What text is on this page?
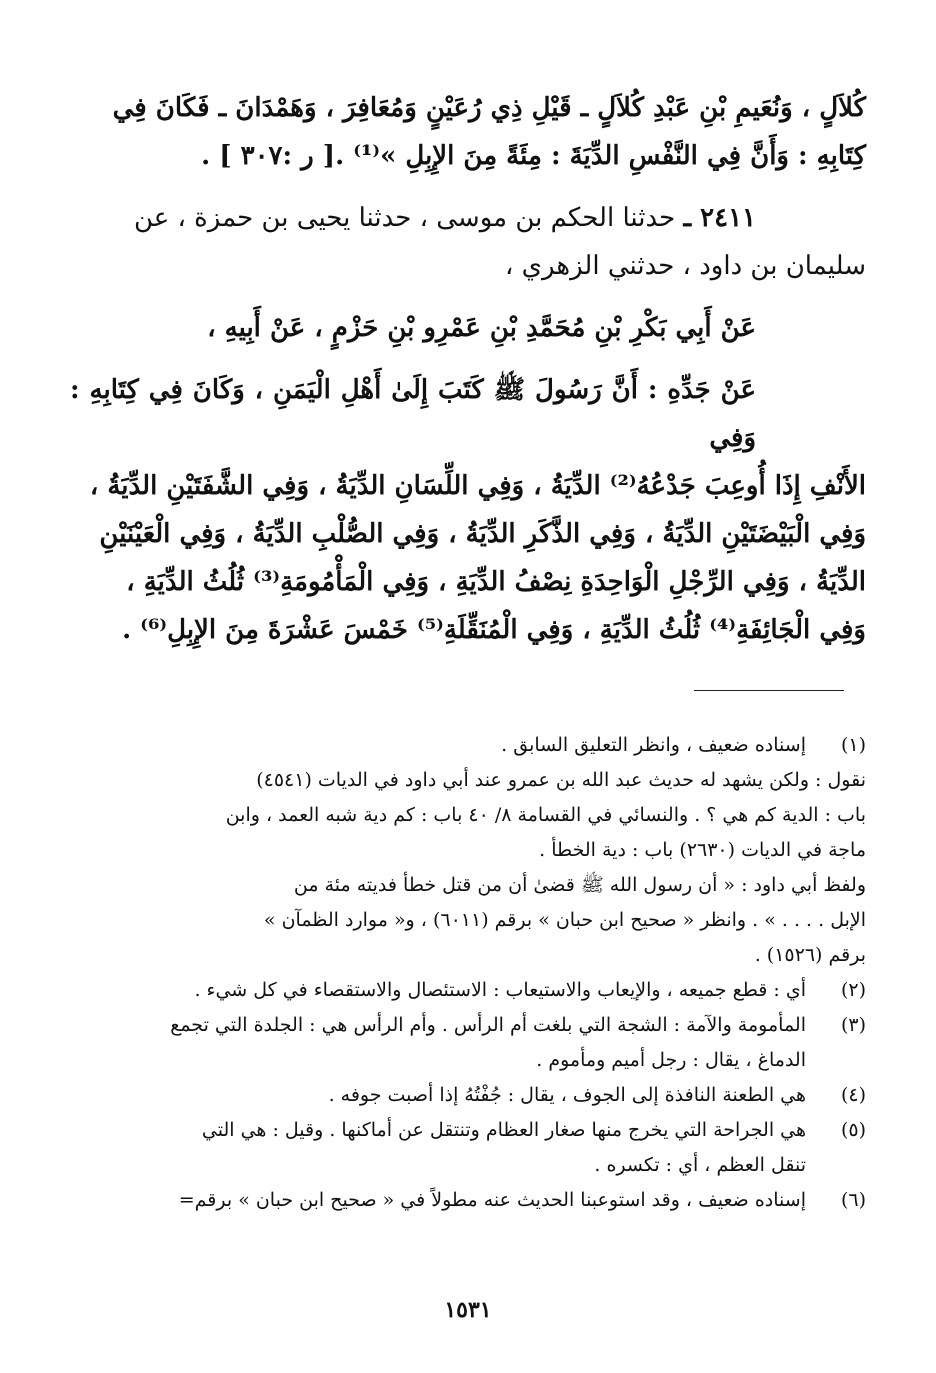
كُلاَلٍ ، وَنُعَيمِ بْنِ عَبْدِ كُلاَلٍ ـ قَيْلِ ذِي رُعَيْنٍ وَمُعَافِرَ ، وَهَمْدَانَ ـ فَكَانَ فِي

كِتَابِهِ : وَأَنَّ فِي النَّفْسِ الدِّيَةَ : مِئَةً مِنَ الإِبِلِ »⁽¹⁾ .[ ر :٣٠٧ ] .

٢٤١١ ـ حدثنا الحكم بن موسى ، حدثنا يحيى بن حمزة ، عن

سليمان بن داود ، حدثني الزهري ،

عَنْ أَبِي بَكْرِ بْنِ مُحَمَّدِ بْنِ عَمْرِو بْنِ حَزْمٍ ، عَنْ أَبِيهِ ،

عَنْ جَدِّهِ : أَنَّ رَسُولَ ﷺ كَتَبَ إِلَىٰ أَهْلِ الْيَمَنِ ، وَكَانَ فِي كِتَابِهِ : وَفِي

الأَنْفِ إِذَا أُوعِبَ جَدْعُهُ⁽²⁾ الدِّيَةُ ، وَفِي اللِّسَانِ الدِّيَةُ ، وَفِي الشَّفَتَيْنِ الدِّيَةُ ،

وَفِي الْبَيْضَتَيْنِ الدِّيَةُ ، وَفِي الذَّكَرِ الدِّيَةُ ، وَفِي الصُّلْبِ الدِّيَةُ ، وَفِي الْعَيْنَيْنِ

الدِّيَةُ ، وَفِي الرِّجْلِ الْوَاحِدَةِ نِصْفُ الدِّيَةِ ، وَفِي الْمَأْمُومَةِ⁽³⁾ ثُلُثُ الدِّيَةِ ،

وَفِي الْجَائِفَةِ⁽⁴⁾ ثُلُثُ الدِّيَةِ ، وَفِي الْمُنَقِّلَةِ⁽⁵⁾ خَمْسَ عَشْرَةَ مِنَ الإِبِلِ⁽⁶⁾ .

(١)

إسناده ضعيف ، وانظر التعليق السابق .

نقول : ولكن يشهد له حديث عبد الله بن عمرو عند أبي داود في الديات (٤٥٤١)

باب : الدية كم هي ؟ . والنسائي في القسامة ٨/ ٤٠ باب : كم دية شبه العمد ، وابن

ماجة في الديات (٢٦٣٠) باب : دية الخطأ .

ولفظ أبي داود : « أن رسول الله ﷺ قضىٰ أن من قتل خطأ فديته مئة من

الإبل . . . . » . وانظر « صحيح ابن حبان » برقم (٦٠١١) ، و« موارد الظمآن »

برقم (١٥٢٦) .

(٢)

أي : قطع جميعه ، والإيعاب والاستيعاب : الاستئصال والاستقصاء في كل شيء .

(٣)

المأمومة والآمة : الشجة التي بلغت أم الرأس . وأم الرأس هي : الجلدة التي تجمع

الدماغ ، يقال : رجل أميم ومأموم .

(٤)

هي الطعنة النافذة إلى الجوف ، يقال : جُفْتُهُ إذا أصبت جوفه .

(٥)

هي الجراحة التي يخرج منها صغار العظام وتنتقل عن أماكنها . وقيل : هي التي

تنقل العظم ، أي : تكسره .

(٦)

إسناده ضعيف ، وقد استوعبنا الحديث عنه مطولاً في « صحيح ابن حبان » برقم=

١٥٣١
